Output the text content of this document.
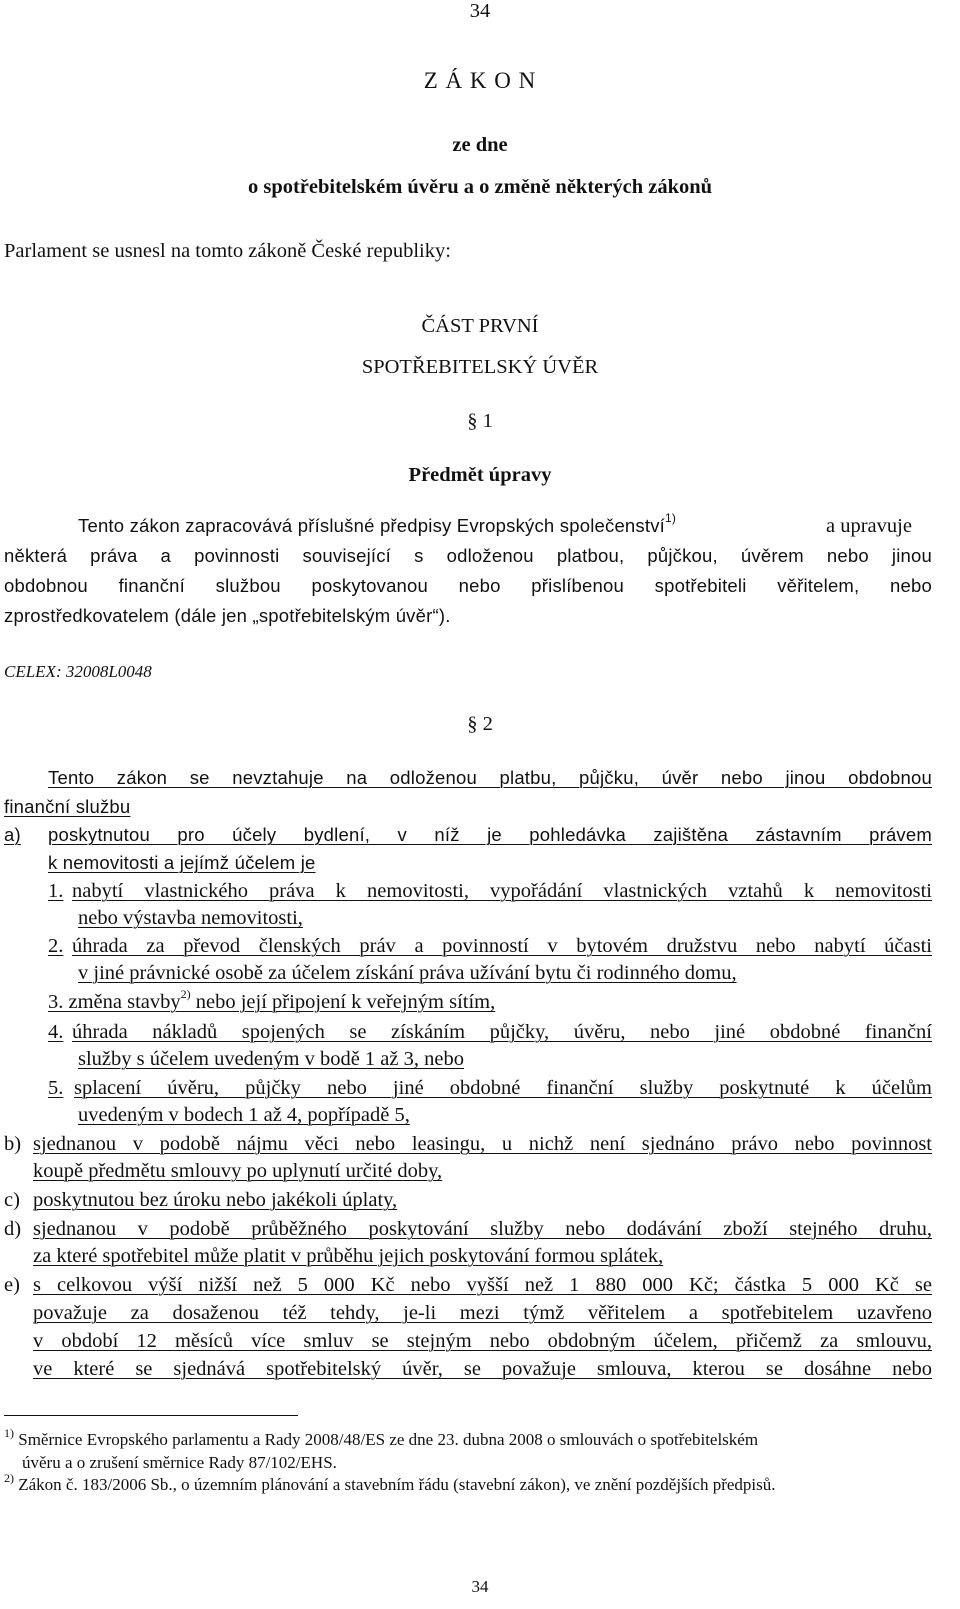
34
Z Á K O N
ze dne
o spotřebitelském úvěru a o změně některých zákonů
Parlament se usnesl na tomto zákoně České republiky:
ČÁST PRVNÍ
SPOTŘEBITELSKÝ ÚVĚR
§ 1
Předmět úpravy
Tento zákon zapracovává příslušné předpisy Evropských společenství$^{1)}$	a upravuje
některá práva a povinnosti související s odloženou platbou, půjčkou, úvěrem nebo jinou
obdobnou finanční službou poskytovanou nebo přislíbenou spotřebiteli věřitelem, nebo
zprostředkovatelem (dále jen „spotřebitelským úvěr“).
CELEX: 32008L0048
§ 2
Tento zákon se nevztahuje na odloženou platbu, půjčku, úvěr nebo jinou obdobnou
finanční službu
a) poskytnutou pro účely bydlení, v níž je pohledávka zajištěna zástavním právem
k nemovitosti a jejímž účelem je
1. nabytí vlastnického práva k nemovitosti, vypořádání vlastnických vztahů k nemovitosti
nebo výstavba nemovitosti,
2. úhrada za převod členských práv a povinností v bytovém družstvu nebo nabytí účasti
v jiné právnické osobě za účelem získání práva užívání bytu či rodinného domu,
3. změna stavby$^{2)}$ nebo její připojení k veřejným sítím,
4. úhrada nákladů spojených se získáním půjčky, úvěru, nebo jiné obdobné finanční
služby s účelem uvedeným v bodě 1 až 3, nebo
5. splacení úvěru, půjčky nebo jiné obdobné finanční služby poskytnuté k účelům
uvedeným v bodech 1 až 4, popřípadě 5,
b) sjednanou v podobě nájmu věci nebo leasingu, u nichž není sjednáno právo nebo povinnost
koupě předmětu smlouvy po uplynutí určité doby,
c) poskytnutou bez úroku nebo jakékoli úplaty,
d) sjednanou v podobě průběžného poskytování služby nebo dodávání zboží stejného druhu,
za které spotřebitel může platit v průběhu jejich poskytování formou splátek,
e) s celkovou výší nižší než 5 000 Kč nebo vyšší než 1 880 000 Kč; částka 5 000 Kč se
považuje za dosaženou též tehdy, je-li mezi týmž věřitelem a spotřebitelem uzavřeno
v období 12 měsíců více smluv se stejným nebo obdobným účelem, přičemž za smlouvu,
ve které se sjednává spotřebitelský úvěr, se považuje smlouva, kterou se dosáhne nebo
$^{1)}$ Směrnice Evropského parlamentu a Rady 2008/48/ES ze dne 23. dubna 2008 o smlouvách o spotřebitelském
úvěru a o zrušení směrnice Rady 87/102/EHS.
$^{2)}$ Zákon č. 183/2006 Sb., o územním plánování a stavebním řádu (stavební zákon), ve znění pozdějších předpisů.
34
